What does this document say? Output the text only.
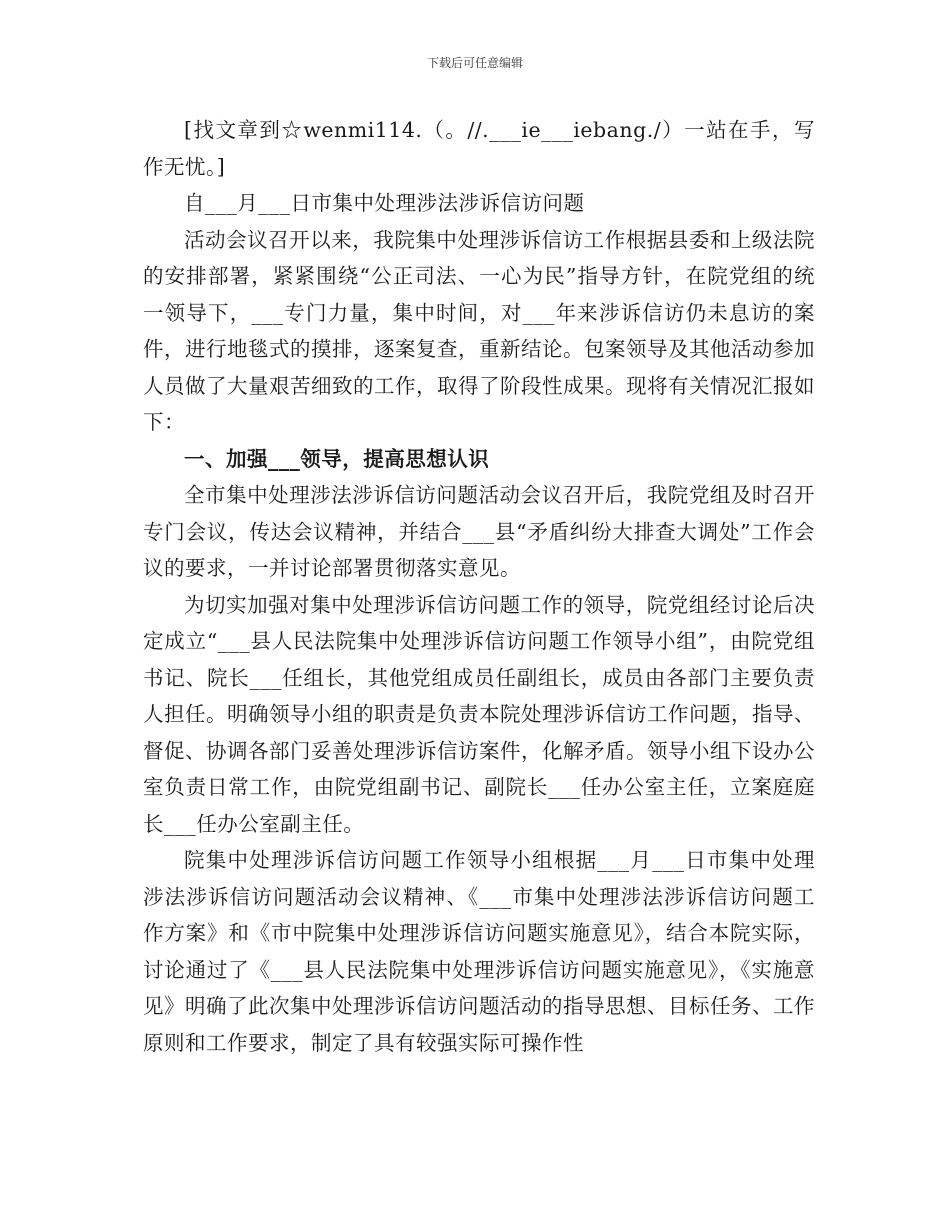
下载后可任意编辑

[找文章到☆wenmi114.（。//.___ie___iebang./）一站在手，写作无忧。]

自___月___日市集中处理涉法涉诉信访问题

活动会议召开以来，我院集中处理涉诉信访工作根据县委和上级法院的安排部署，紧紧围绕“公正司法、一心为民”指导方针，在院党组的统一领导下，___专门力量，集中时间，对___年来涉诉信访仍未息访的案件，进行地毯式的摸排，逐案复查，重新结论。包案领导及其他活动参加人员做了大量艰苦细致的工作，取得了阶段性成果。现将有关情况汇报如下：

一、加强___领导，提高思想认识

全市集中处理涉法涉诉信访问题活动会议召开后，我院党组及时召开专门会议，传达会议精神，并结合___县“矛盾纠纷大排查大调处”工作会议的要求，一并讨论部署贯彻落实意见。

为切实加强对集中处理涉诉信访问题工作的领导，院党组经讨论后决定成立“___县人民法院集中处理涉诉信访问题工作领导小组”，由院党组书记、院长___任组长，其他党组成员任副组长，成员由各部门主要负责人担任。明确领导小组的职责是负责本院处理涉诉信访工作问题，指导、督促、协调各部门妥善处理涉诉信访案件，化解矛盾。领导小组下设办公室负责日常工作，由院党组副书记、副院长___任办公室主任，立案庭庭长___任办公室副主任。

院集中处理涉诉信访问题工作领导小组根据___月___日市集中处理涉法涉诉信访问题活动会议精神、《___市集中处理涉法涉诉信访问题工作方案》和《市中院集中处理涉诉信访问题实施意见》，结合本院实际，讨论通过了《___县人民法院集中处理涉诉信访问题实施意见》，《实施意见》明确了此次集中处理涉诉信访问题活动的指导思想、目标任务、工作原则和工作要求，制定了具有较强实际可操作性
